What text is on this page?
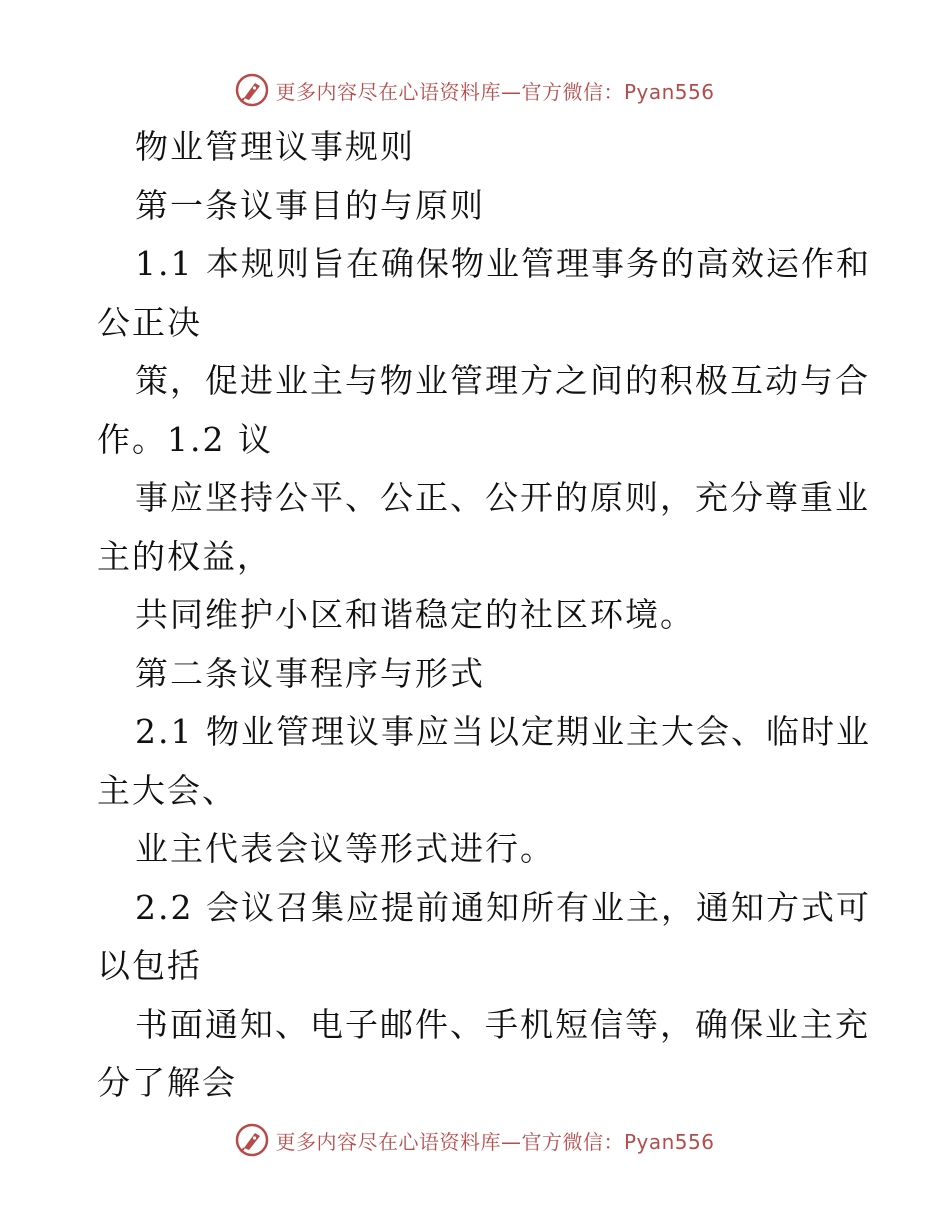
更多内容尽在心语资料库—官方微信：Pyan556
物业管理议事规则
第一条议事目的与原则
1.1 本规则旨在确保物业管理事务的高效运作和
公正决
策，促进业主与物业管理方之间的积极互动与合
作。1.2 议
事应坚持公平、公正、公开的原则，充分尊重业
主的权益，
共同维护小区和谐稳定的社区环境。
第二条议事程序与形式
2.1 物业管理议事应当以定期业主大会、临时业
主大会、
业主代表会议等形式进行。
2.2 会议召集应提前通知所有业主，通知方式可
以包括
书面通知、电子邮件、手机短信等，确保业主充
分了解会
更多内容尽在心语资料库—官方微信：Pyan556
